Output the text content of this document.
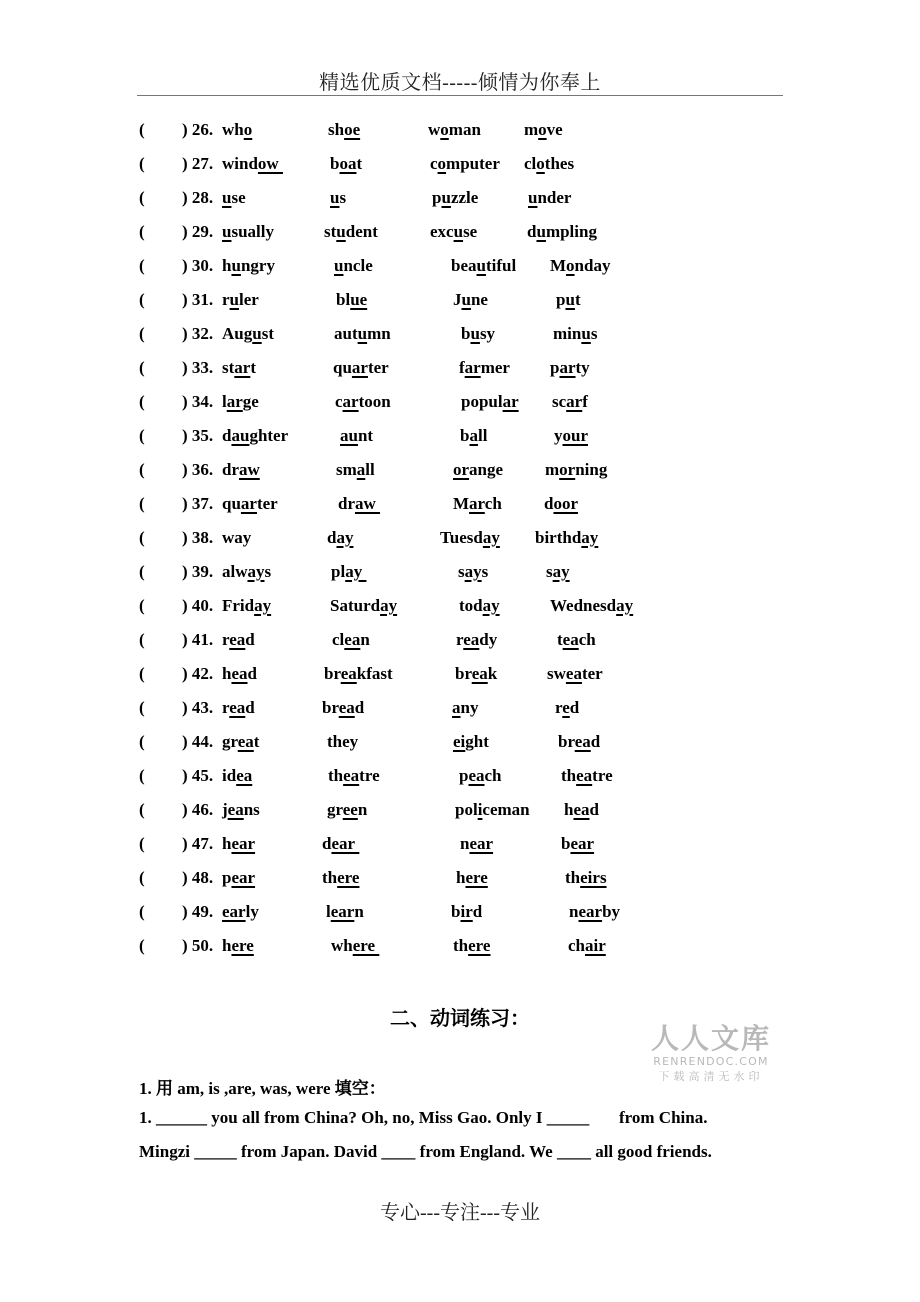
精选优质文档-----倾情为你奉上
( ) 26. who	shoe	woman	move
( ) 27. window	boat	computer clothes
( ) 28. use	us	puzzle	under
( ) 29. usually	student	excuse	dumpling
( ) 30. hungry	uncle	beautiful Monday
( ) 31. ruler	blue	June	put
( ) 32. August	autumn	busy	minus
( ) 33. start	quarter	farmer party
( ) 34. large	cartoon	popular scarf
( ) 35. daughter	aunt	ball	your
( ) 36. draw	small	orange morning
( ) 37. quarter	draw	March door
( ) 38. way	day	Tuesday birthday
( ) 39. always	play	says	say
( ) 40. Friday	Saturday	today	Wednesday
( ) 41. read	clean	ready	teach
( ) 42. head	breakfast	break	sweater
( ) 43. read	bread	any	red
( ) 44. great	they	eight	bread
( ) 45. idea	theatre	peach	theatre
( ) 46. jeans	green	policeman head
( ) 47. hear	dear	near	bear
( ) 48. pear	there	here	theirs
( ) 49. early	learn	bird	nearby
( ) 50. here	where	there	chair
二、动词练习：
人人文库
RENRENDOC.COM
下载高清无水印
1. 用 am, is ,are, was, were 填空：
1. ______ you all from China? Oh, no, Miss Gao. Only I _____       from China.
Mingzi _____ from Japan. David ____ from England. We ____ all good friends.
专心---专注---专业
